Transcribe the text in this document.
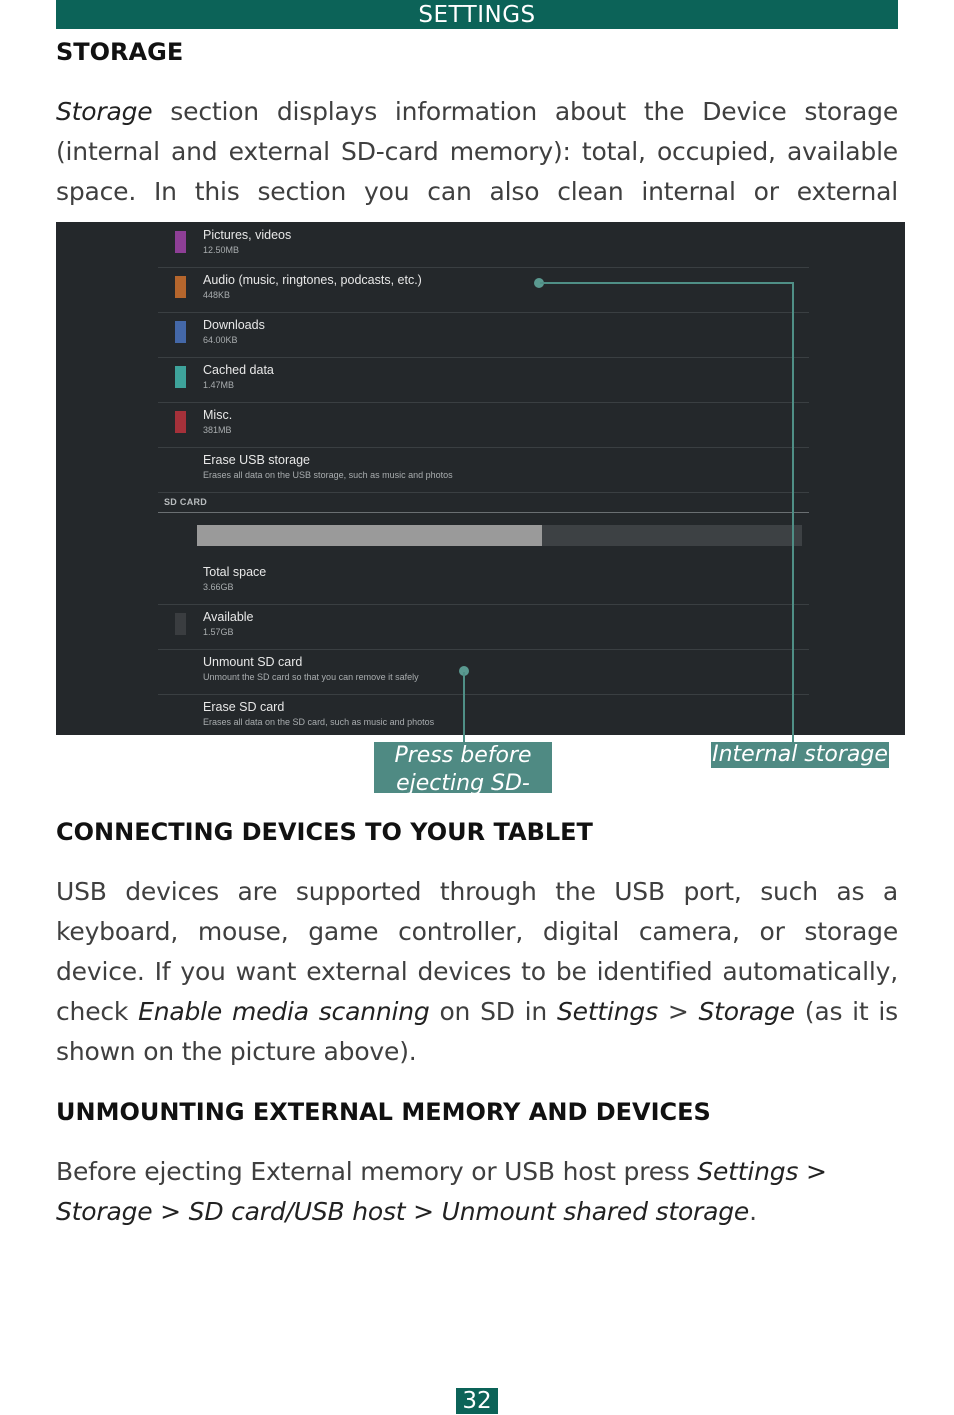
SETTINGS
STORAGE

Storage section displays information about the Device storage (internal and external SD-card memory): total, occupied, available space. In this section you can also clean internal or external

Pictures, videos
12.50MB
Audio (music, ringtones, podcasts, etc.)
448KB
Downloads
64.00KB
Cached data
1.47MB
Misc.
381MB
Erase USB storage
Erases all data on the USB storage, such as music and photos
SD CARD
Total space
3.66GB
Available
1.57GB
Unmount SD card
Unmount the SD card so that you can remove it safely
Erase SD card
Erases all data on the SD card, such as music and photos
Press before
ejecting SD-card
Internal storage
CONNECTING DEVICES TO YOUR TABLET

USB devices are supported through the USB port, such as a keyboard, mouse, game controller, digital camera, or storage device. If you want external devices to be identified automatically, check Enable media scanning on SD in Settings > Storage (as it is shown on the picture above).

UNMOUNTING EXTERNAL MEMORY AND DEVICES

Before ejecting External memory or USB host press Settings > Storage > SD card/USB host > Unmount shared storage.

32
